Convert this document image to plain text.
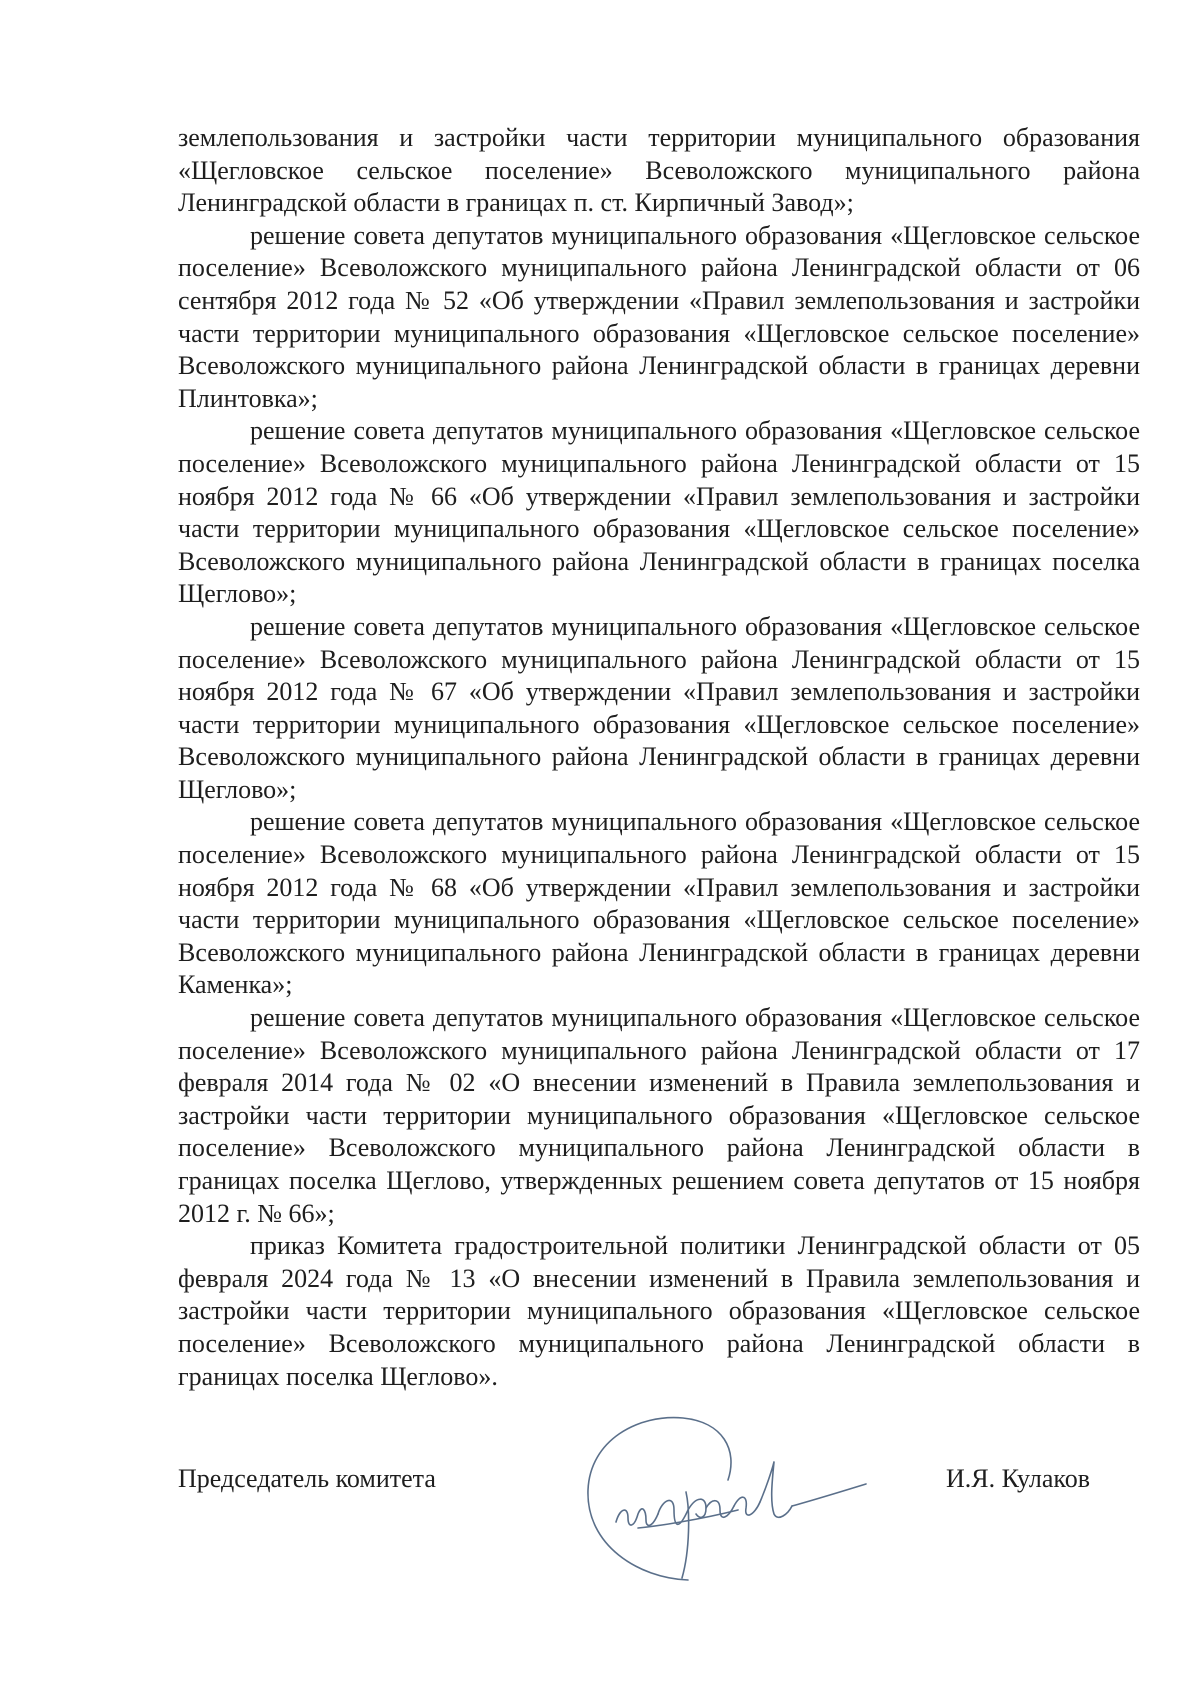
землепользования и застройки части территории муниципального образования «Щегловское сельское поселение» Всеволожского муниципального района Ленинградской области в границах п. ст. Кирпичный Завод»;

решение совета депутатов муниципального образования «Щегловское сельское поселение» Всеволожского муниципального района Ленинградской области от 06 сентября 2012 года № 52 «Об утверждении «Правил землепользования и застройки части территории муниципального образования «Щегловское сельское поселение» Всеволожского муниципального района Ленинградской области в границах деревни Плинтовка»;

решение совета депутатов муниципального образования «Щегловское сельское поселение» Всеволожского муниципального района Ленинградской области от 15 ноября 2012 года № 66 «Об утверждении «Правил землепользования и застройки части территории муниципального образования «Щегловское сельское поселение» Всеволожского муниципального района Ленинградской области в границах поселка Щеглово»;

решение совета депутатов муниципального образования «Щегловское сельское поселение» Всеволожского муниципального района Ленинградской области от 15 ноября 2012 года № 67 «Об утверждении «Правил землепользования и застройки части территории муниципального образования «Щегловское сельское поселение» Всеволожского муниципального района Ленинградской области в границах деревни Щеглово»;

решение совета депутатов муниципального образования «Щегловское сельское поселение» Всеволожского муниципального района Ленинградской области от 15 ноября 2012 года № 68 «Об утверждении «Правил землепользования и застройки части территории муниципального образования «Щегловское сельское поселение» Всеволожского муниципального района Ленинградской области в границах деревни Каменка»;

решение совета депутатов муниципального образования «Щегловское сельское поселение» Всеволожского муниципального района Ленинградской области от 17 февраля 2014 года № 02 «О внесении изменений в Правила землепользования и застройки части территории муниципального образования «Щегловское сельское поселение» Всеволожского муниципального района Ленинградской области в границах поселка Щеглово, утвержденных решением совета депутатов от 15 ноября 2012 г. № 66»;

приказ Комитета градостроительной политики Ленинградской области от 05 февраля 2024 года № 13 «О внесении изменений в Правила землепользования и застройки части территории муниципального образования «Щегловское сельское поселение» Всеволожского муниципального района Ленинградской области в границах поселка Щеглово».

Председатель комитета	И.Я. Кулаков
